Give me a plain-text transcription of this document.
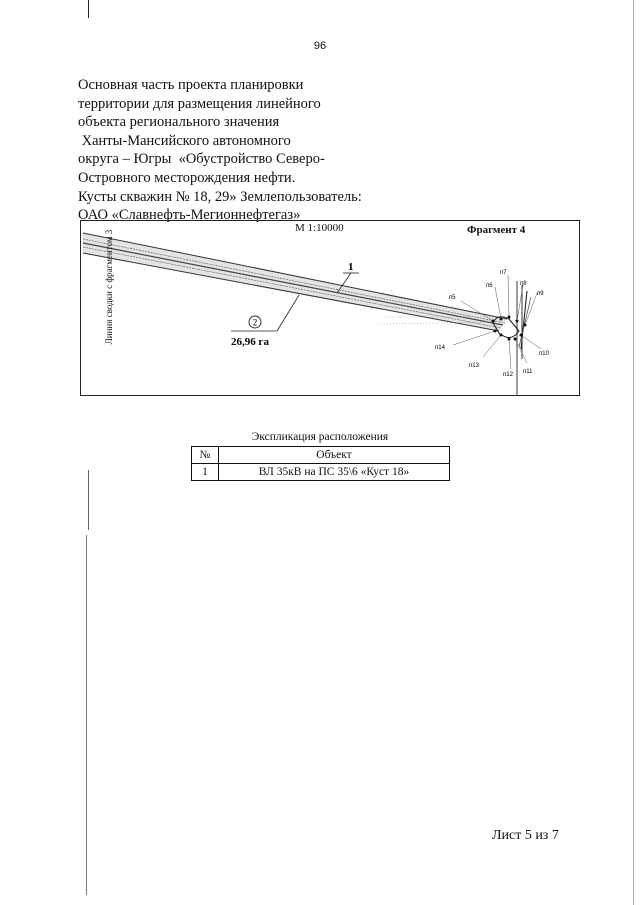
96
Основная часть проекта планировки
территории для размещения линейного
объекта регионального значения
Ханты-Мансийского автономного
округа – Югры  «Обустройство Северо-
Островного месторождения нефти.
Кусты скважин № 18, 29» Землепользователь:
ОАО «Славнефть-Мегионнефтегаз»
п5
п6
п7
п8
п9
п10
п11
п12
п13
п14
1
2
26,96 га
М 1:10000	Фрагмент 4
Линия сводки с фрагментом 3
Экспликация расположения
№	Объект
1	ВЛ 35кВ на ПС 35\6 «Куст 18»
Лист 5 из 7
